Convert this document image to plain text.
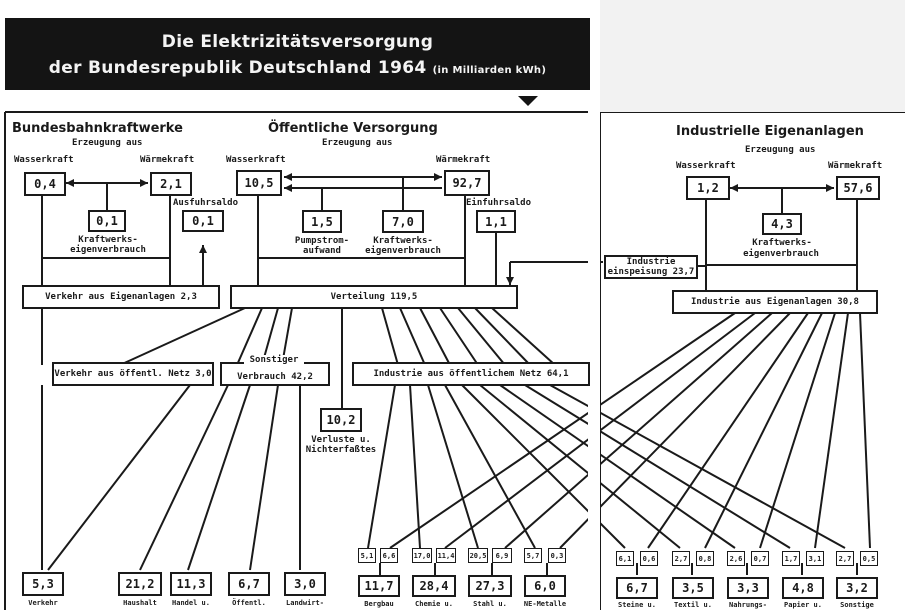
Die Elektrizitätsversorgung
der Bundesrepublik Deutschland 1964 (in Milliarden kWh)
Bundesbahnkraftwerke
Erzeugung aus
Wasserkraft	Wärmekraft
0,4	2,1
0,1
Kraftwerks-
eigenverbrauch
Ausfuhrsaldo
0,1
Verkehr aus Eigenanlagen 2,3
Öffentliche Versorgung
Erzeugung aus
Wasserkraft	Wärmekraft
10,5	92,7
1,5
Pumpstrom-
aufwand
7,0
Kraftwerks-
eigenverbrauch
Einfuhrsaldo
1,1
Verteilung 119,5
Verkehr aus öffentl. Netz 3,0	Verbrauch 42,2
Sonstiger
Industrie aus öffentlichem Netz 64,1
10,2
Verluste u.
Nichterfaßtes
Industrielle Eigenanlagen
Erzeugung aus
Wasserkraft	Wärmekraft
1,2	57,6
4,3
Kraftwerks-
eigenverbrauch
Industrie
einspeisung 23,7
Industrie aus Eigenanlagen 30,8
5,3
Verkehr
21,2
Haushalt
11,3
Handel u.
6,7
Öffentl.
3,0
Landwirt-
5,1	6,6
11,7
Bergbau
17,0 11,4
28,4
Chemie u.
20,5	6,9
27,3
Stahl u.
5,7	0,3
6,0
NE-Metalle
6,1	0,6
6,7
Steine u.
2,7	0,8
3,5
Textil u.
2,6	0,7
3,3
Nahrungs-
1,7	3,1
4,8
Papier u.
2,7	0,5
3,2
Sonstige
